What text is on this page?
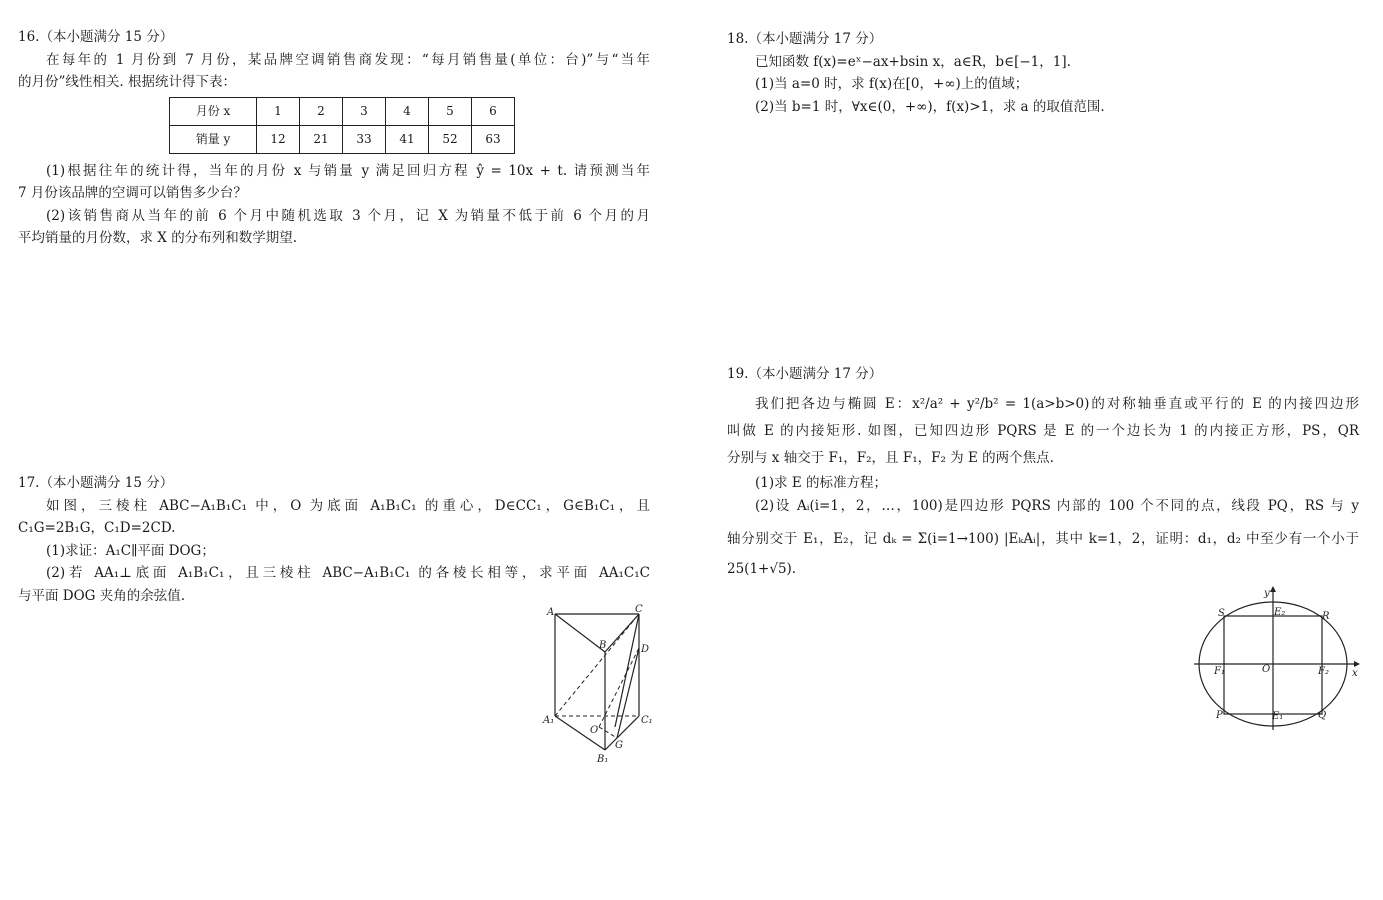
16.（本小题满分 15 分）
在每年的 1 月份到 7 月份，某品牌空调销售商发现：“每月销售量(单位：台)”与“当年
的月份”线性相关. 根据统计得下表：
月份 x	1	2	3	4	5	6
销量 y	12	21	33	41	52	63
(1)根据往年的统计得，当年的月份 x 与销量 y 满足回归方程 ŷ = 10x + t. 请预测当年
7 月份该品牌的空调可以销售多少台？
(2)该销售商从当年的前 6 个月中随机选取 3 个月，记 X 为销量不低于前 6 个月的月
平均销量的月份数，求 X 的分布列和数学期望.
17.（本小题满分 15 分）
如图，三棱柱 ABC−A₁B₁C₁ 中，O 为底面 A₁B₁C₁ 的重心，D∈CC₁，G∈B₁C₁，且
C₁G=2B₁G，C₁D=2CD.
(1)求证：A₁C∥平面 DOG；
(2)若 AA₁⊥底面 A₁B₁C₁，且三棱柱 ABC−A₁B₁C₁ 的各棱长相等，求平面 AA₁C₁C
与平面 DOG 夹角的余弦值.
A	C
B	D
A₁	C₁
O
G
B₁
18.（本小题满分 17 分）
已知函数 f(x)=eˣ−ax+bsin x，a∈R，b∈[−1，1].
(1)当 a=0 时，求 f(x)在[0，+∞)上的值域；
(2)当 b=1 时，∀x∈(0，+∞)，f(x)>1，求 a 的取值范围.
19.（本小题满分 17 分）
我们把各边与椭圆 E：x²/a² + y²/b² = 1(a>b>0)的对称轴垂直或平行的 E 的内接四边形
叫做 E 的内接矩形. 如图，已知四边形 PQRS 是 E 的一个边长为 1 的内接正方形，PS，QR
分别与 x 轴交于 F₁，F₂，且 F₁，F₂ 为 E 的两个焦点.
(1)求 E 的标准方程；
(2)设 Aᵢ(i=1，2，…，100)是四边形 PQRS 内部的 100 个不同的点，线段 PQ，RS 与 y
轴分别交于 E₁，E₂，记 dₖ = Σ(i=1→100) |EₖAᵢ|，其中 k=1，2，证明：d₁，d₂ 中至少有一个小于
25(1+√5).
y
x
S	R
E₂
F₁	O	F₂
P	E₁	Q
